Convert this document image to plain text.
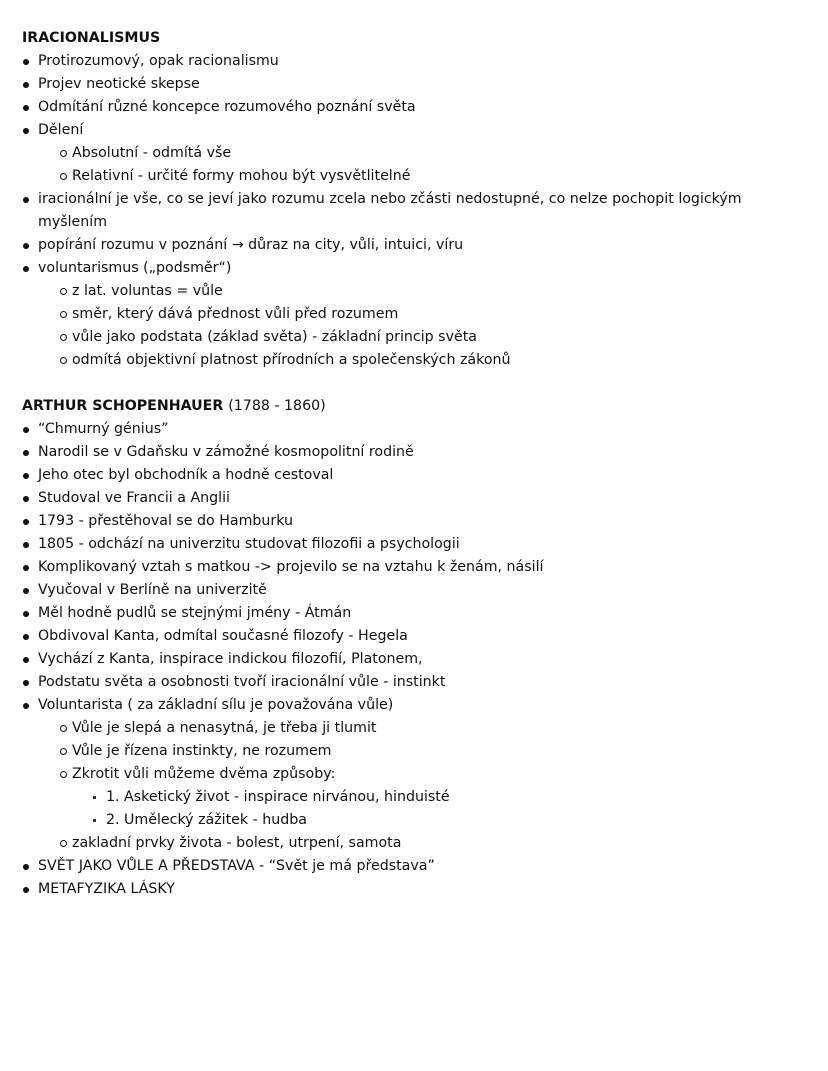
IRACIONALISMUS
Protirozumový, opak racionalismu
Projev neotické skepse
Odmítání různé koncepce rozumového poznání světa
Dělení
Absolutní - odmítá vše
Relativní - určité formy mohou být vysvětlitelné
iracionální je vše, co se jeví jako rozumu zcela nebo zčásti nedostupné, co nelze pochopit logickým myšlením
popírání rozumu v poznání → důraz na city, vůli, intuici, víru
voluntarismus („podsměr“)
z lat. voluntas = vůle
směr, který dává přednost vůli před rozumem
vůle jako podstata (základ světa) - základní princip světa
odmítá objektivní platnost přírodních a společenských zákonů
ARTHUR SCHOPENHAUER (1788 - 1860)
“Chmurný génius”
Narodil se v Gdaňsku v zámožné kosmopolitní rodině
Jeho otec byl obchodník a hodně cestoval
Studoval ve Francii a Anglii
1793 - přestěhoval se do Hamburku
1805 - odchází na univerzitu studovat filozofii a psychologii
Komplikovaný vztah s matkou -> projevilo se na vztahu k ženám, násilí
Vyučoval v Berlíně na univerzitě
Měl hodně pudlů se stejnými jmény - Átmán
Obdivoval Kanta, odmítal současné filozofy - Hegela
Vychází z Kanta, inspirace indickou filozofií, Platonem,
Podstatu světa a osobnosti tvoří iracionální vůle - instinkt
Voluntarista ( za základní sílu je považována vůle)
Vůle je slepá a nenasytná, je třeba ji tlumit
Vůle je řízena instinkty, ne rozumem
Zkrotit vůli můžeme dvěma způsoby:
1. Asketický život - inspirace nirvánou, hinduisté
2. Umělecký zážitek - hudba
zakladní prvky života - bolest, utrpení, samota
SVĚT JAKO VŮLE A PŘEDSTAVA - “Svět je má představa”
METAFYZIKA LÁSKY
